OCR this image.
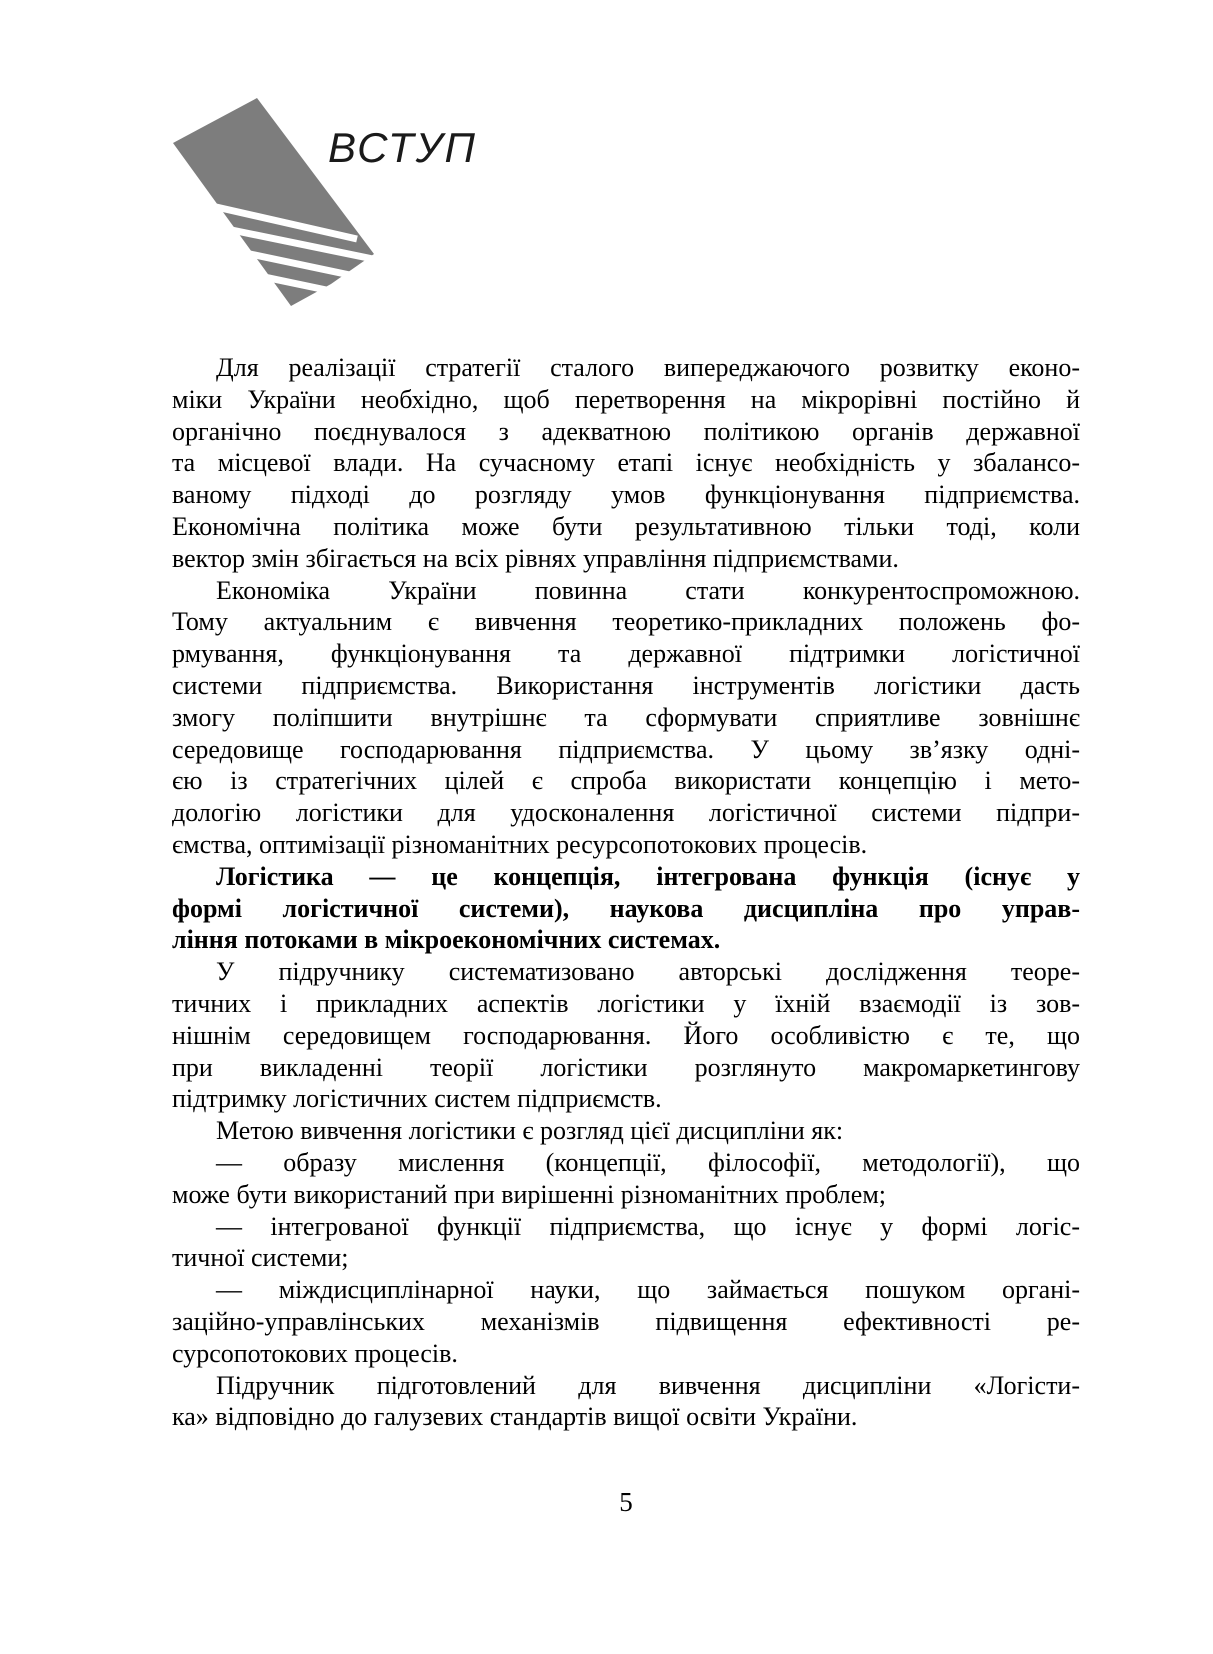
ВСТУП
Для реалізації стратегії сталого випереджаючого розвитку еконо-
міки України необхідно, щоб перетворення на мікрорівні постійно й
органічно поєднувалося з адекватною політикою органів державної
та місцевої влади. На сучасному етапі існує необхідність у збалансо-
ваному підході до розгляду умов функціонування підприємства.
Економічна політика може бути результативною тільки тоді, коли
вектор змін збігається на всіх рівнях управління підприємствами.
Економіка України повинна стати конкурентоспроможною.
Тому актуальним є вивчення теоретико-прикладних положень фо-
рмування, функціонування та державної підтримки логістичної
системи підприємства. Використання інструментів логістики дасть
змогу поліпшити внутрішнє та сформувати сприятливе зовнішнє
середовище господарювання підприємства. У цьому зв’язку одні-
єю із стратегічних цілей є спроба використати концепцію і мето-
дологію логістики для удосконалення логістичної системи підпри-
ємства, оптимізації різноманітних ресурсопотокових процесів.
Логістика — це концепція, інтегрована функція (існує у
формі логістичної системи), наукова дисципліна про управ-
ління потоками в мікроекономічних системах.
У підручнику систематизовано авторські дослідження теоре-
тичних і прикладних аспектів логістики у їхній взаємодії із зов-
нішнім середовищем господарювання. Його особливістю є те, що
при викладенні теорії логістики розглянуто макромаркетингову
підтримку логістичних систем підприємств.
Метою вивчення логістики є розгляд цієї дисципліни як:
— образу мислення (концепції, філософії, методології), що
може бути використаний при вирішенні різноманітних проблем;
— інтегрованої функції підприємства, що існує у формі логіс-
тичної системи;
— міждисциплінарної науки, що займається пошуком органі-
заційно-управлінських механізмів підвищення ефективності ре-
сурсопотокових процесів.
Підручник підготовлений для вивчення дисципліни «Логісти-
ка» відповідно до галузевих стандартів вищої освіти України.
5
